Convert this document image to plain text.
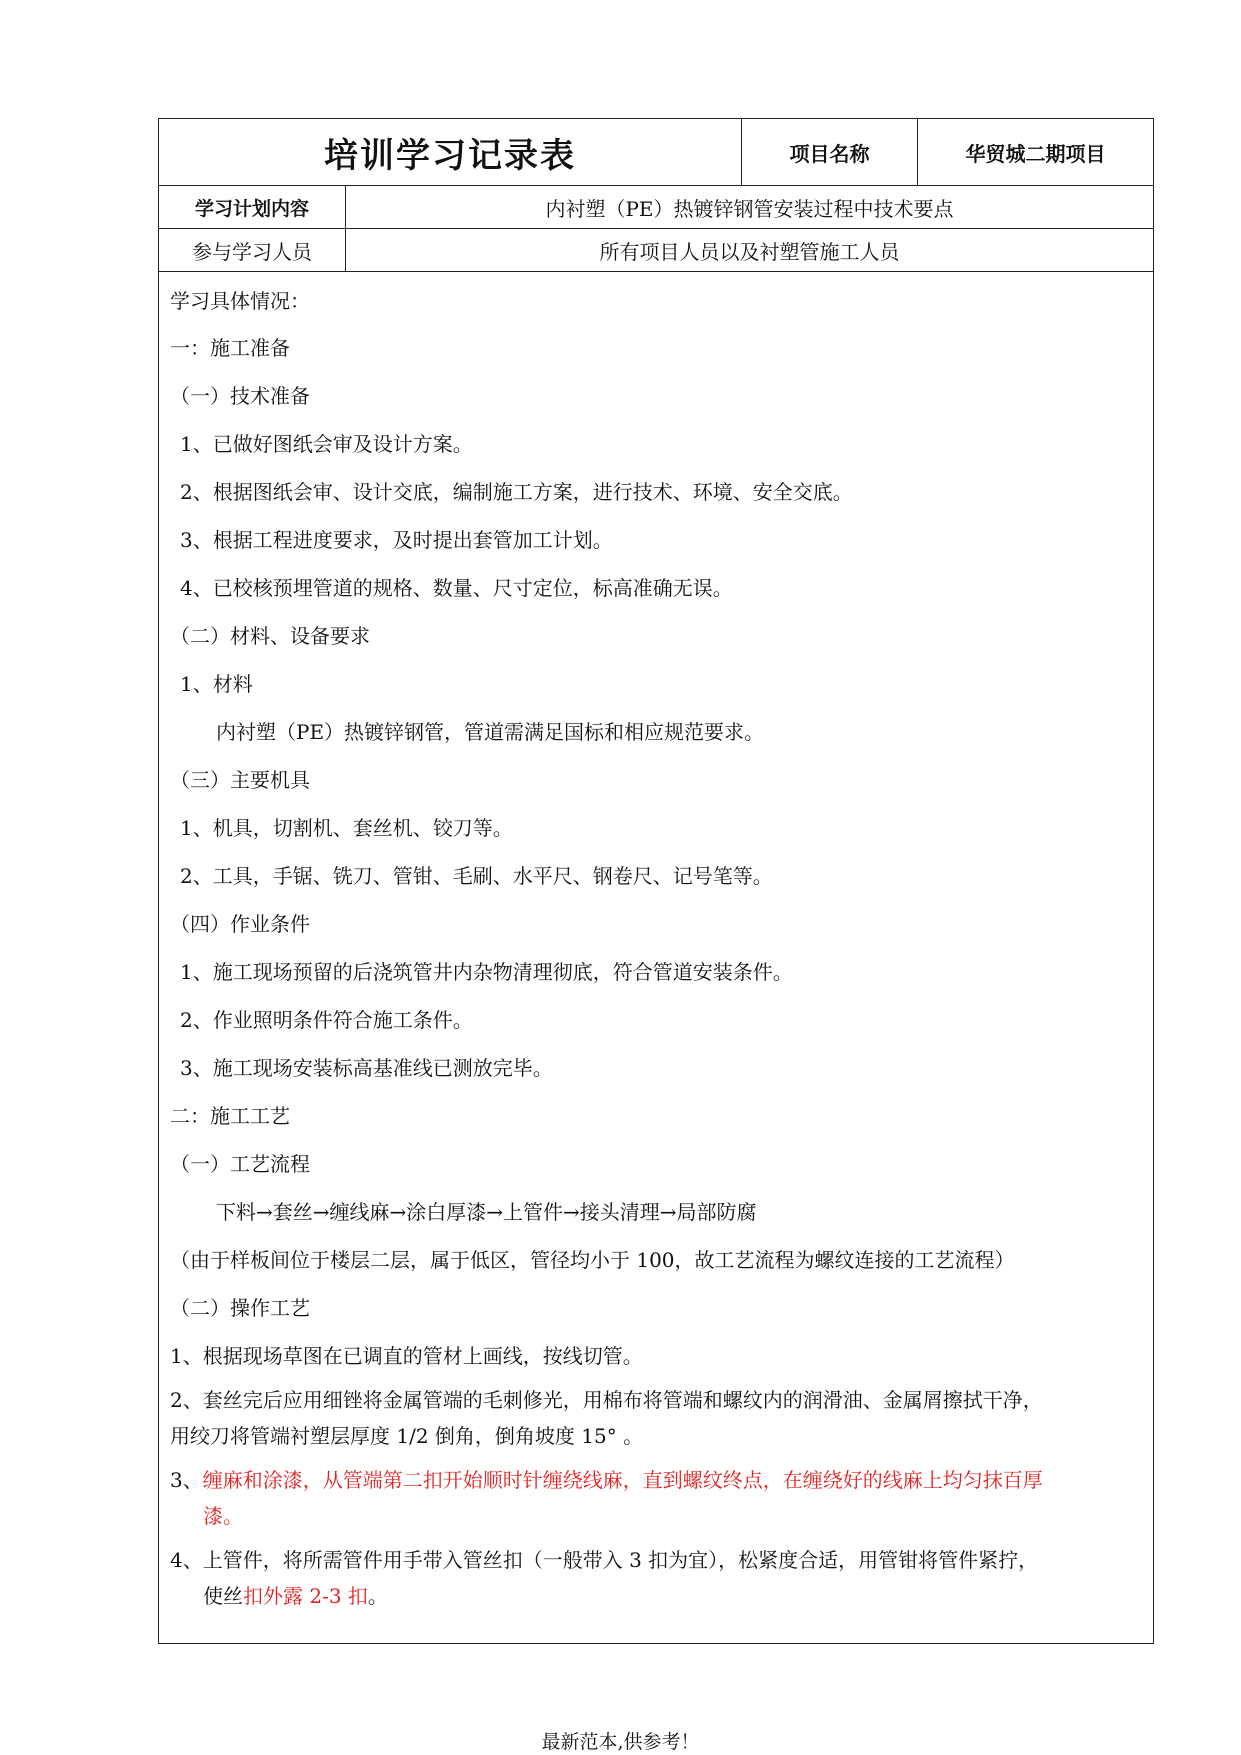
培训学习记录表	项目名称	华贸城二期项目
学习计划内容	内衬塑（PE）热镀锌钢管安装过程中技术要点
参与学习人员	所有项目人员以及衬塑管施工人员
学习具体情况：
一：施工准备
（一）技术准备
1、已做好图纸会审及设计方案。
2、根据图纸会审、设计交底，编制施工方案，进行技术、环境、安全交底。
3、根据工程进度要求，及时提出套管加工计划。
4、已校核预埋管道的规格、数量、尺寸定位，标高准确无误。
（二）材料、设备要求
1、材料
内衬塑（PE）热镀锌钢管，管道需满足国标和相应规范要求。
（三）主要机具
1、机具，切割机、套丝机、铰刀等。
2、工具，手锯、铣刀、管钳、毛刷、水平尺、钢卷尺、记号笔等。
（四）作业条件
1、施工现场预留的后浇筑管井内杂物清理彻底，符合管道安装条件。
2、作业照明条件符合施工条件。
3、施工现场安装标高基准线已测放完毕。
二：施工工艺
（一）工艺流程
下料→套丝→缠线麻→涂白厚漆→上管件→接头清理→局部防腐
（由于样板间位于楼层二层，属于低区，管径均小于 100，故工艺流程为螺纹连接的工艺流程）
（二）操作工艺
1、根据现场草图在已调直的管材上画线，按线切管。
2、套丝完后应用细锉将金属管端的毛刺修光，用棉布将管端和螺纹内的润滑油、金属屑擦拭干净，
用绞刀将管端衬塑层厚度 1/2 倒角，倒角坡度 15° 。
3、缠麻和涂漆，从管端第二扣开始顺时针缠绕线麻，直到螺纹终点，在缠绕好的线麻上均匀抹百厚
漆。
4、上管件，将所需管件用手带入管丝扣（一般带入 3 扣为宜），松紧度合适，用管钳将管件紧拧，
使丝扣外露 2-3 扣。
最新范本,供参考！
